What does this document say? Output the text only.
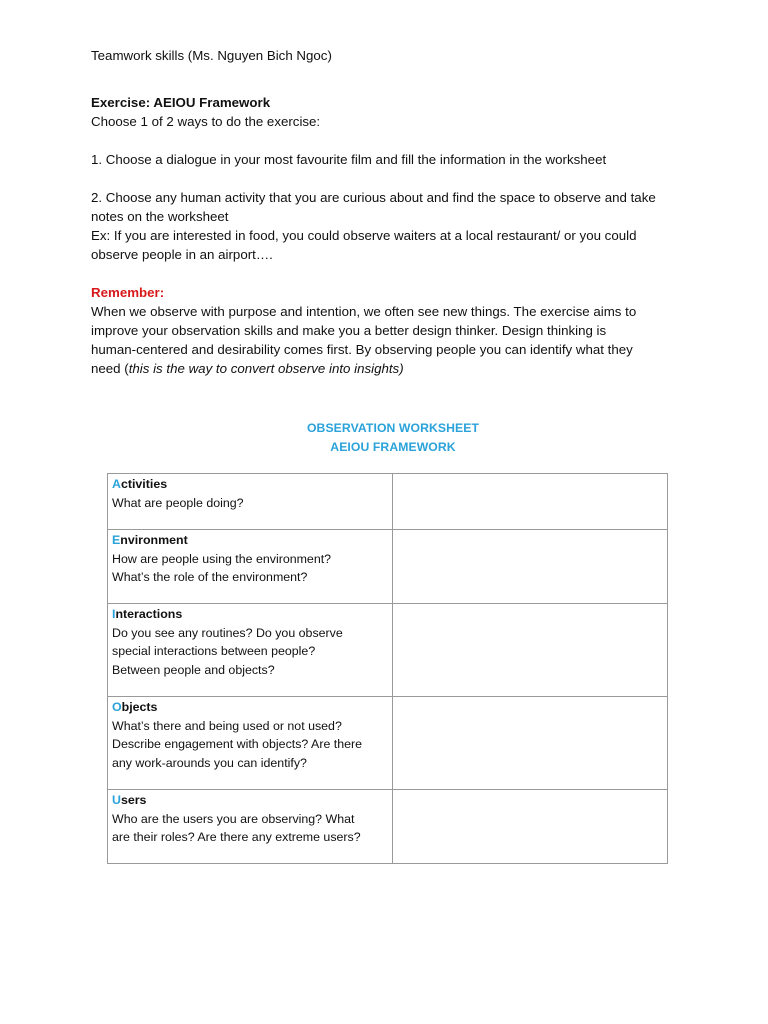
Teamwork skills (Ms. Nguyen Bich Ngoc)
Exercise: AEIOU Framework
Choose 1 of 2 ways to do the exercise:
1. Choose a dialogue in your most favourite film and fill the information in the worksheet
2. Choose any human activity that you are curious about and find the space to observe and take
notes on the worksheet
Ex: If you are interested in food, you could observe waiters at a local restaurant/ or you could
observe people in an airport….
Remember:
When we observe with purpose and intention, we often see new things. The exercise aims to
improve your observation skills and make you a better design thinker. Design thinking is
human-centered and desirability comes first. By observing people you can identify what they
need (this is the way to convert observe into insights)
OBSERVATION WORKSHEET
AEIOU FRAMEWORK
Activities
What are people doing?	

Environment
How are people using the environment?
What’s the role of the environment?	

Interactions
Do you see any routines? Do you observe
special interactions between people?
Between people and objects?	

Objects
What’s there and being used or not used?
Describe engagement with objects? Are there
any work-arounds you can identify?	

Users
Who are the users you are observing? What
are their roles? Are there any extreme users?	
